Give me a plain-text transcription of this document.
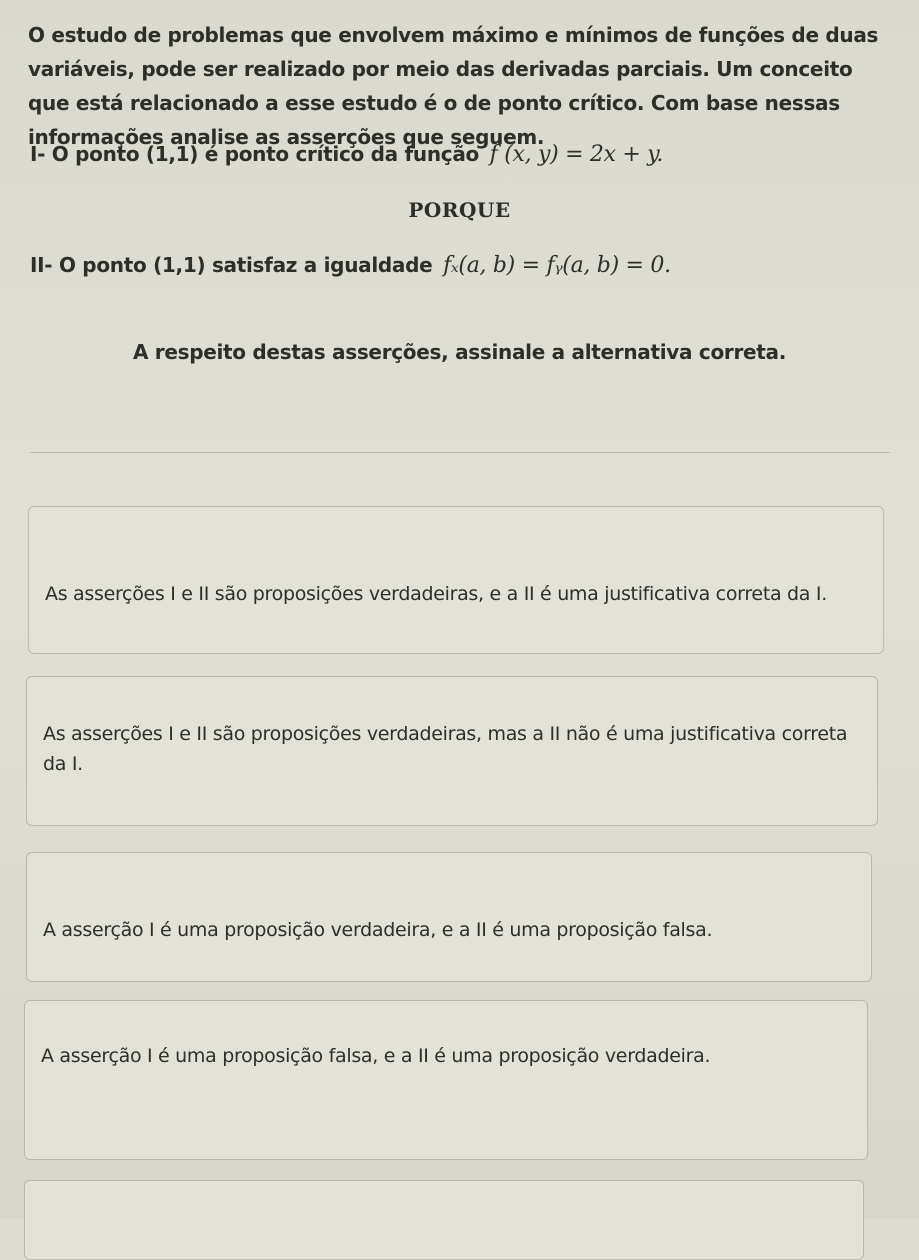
O estudo de problemas que envolvem máximo e mínimos de funções de duas variáveis, pode ser realizado por meio das derivadas parciais. Um conceito que está relacionado a esse estudo é o de ponto crítico. Com base nessas informações analise as asserções que seguem.
I- O ponto (1,1) é ponto crítico da função f (x, y) = 2x + y.
PORQUE
II- O ponto (1,1) satisfaz a igualdade fₓ(a, b) = fᵧ(a, b) = 0.
A respeito destas asserções, assinale a alternativa correta.
As asserções I e II são proposições verdadeiras, e a II é uma justificativa correta da I.
As asserções I e II são proposições verdadeiras, mas a II não é uma justificativa correta da I.
A asserção I é uma proposição verdadeira, e a II é uma proposição falsa.
A asserção I é uma proposição falsa, e a II é uma proposição verdadeira.
